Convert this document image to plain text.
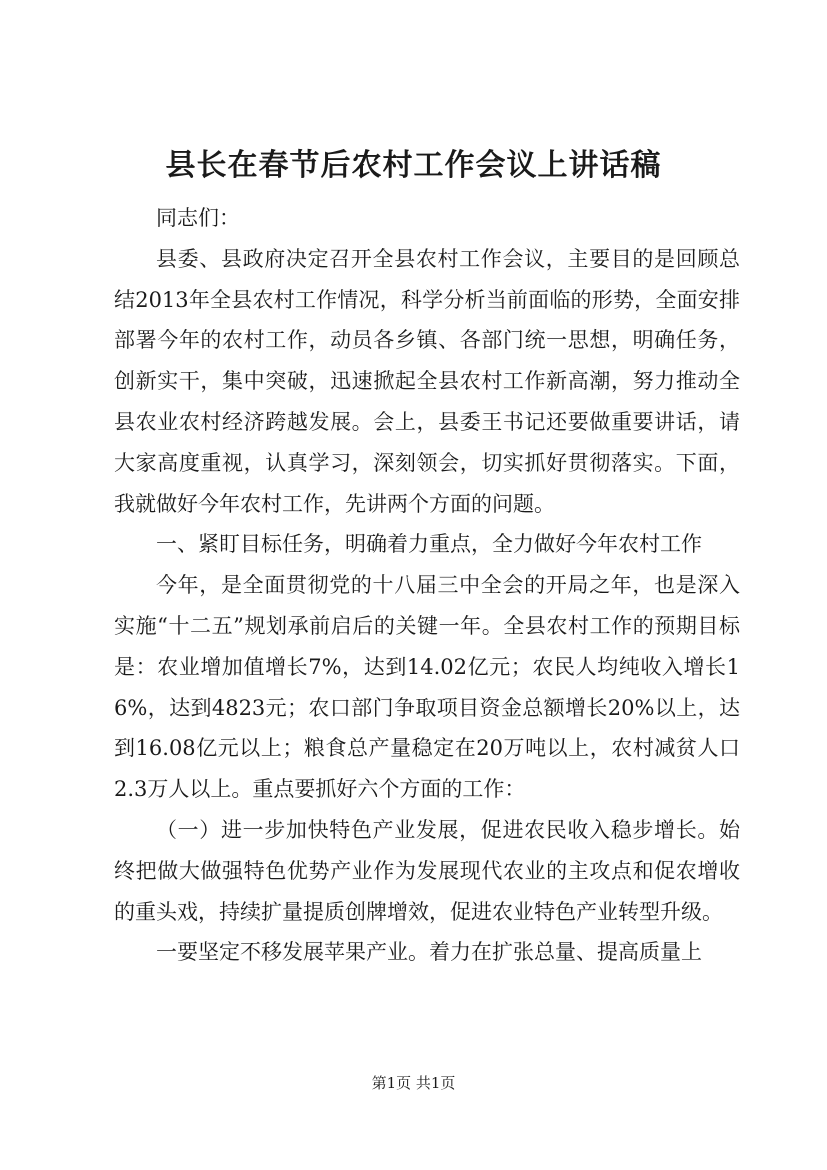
县长在春节后农村工作会议上讲话稿

同志们：

县委、县政府决定召开全县农村工作会议，主要目的是回顾总结2013年全县农村工作情况，科学分析当前面临的形势，全面安排部署今年的农村工作，动员各乡镇、各部门统一思想，明确任务，创新实干，集中突破，迅速掀起全县农村工作新高潮，努力推动全县农业农村经济跨越发展。会上，县委王书记还要做重要讲话，请大家高度重视，认真学习，深刻领会，切实抓好贯彻落实。下面，我就做好今年农村工作，先讲两个方面的问题。

一、紧盯目标任务，明确着力重点，全力做好今年农村工作

今年，是全面贯彻党的十八届三中全会的开局之年，也是深入实施“十二五”规划承前启后的关键一年。全县农村工作的预期目标是：农业增加值增长7%，达到14.02亿元；农民人均纯收入增长16%，达到4823元；农口部门争取项目资金总额增长20%以上，达到16.08亿元以上；粮食总产量稳定在20万吨以上，农村减贫人口2.3万人以上。重点要抓好六个方面的工作：

（一）进一步加快特色产业发展，促进农民收入稳步增长。始终把做大做强特色优势产业作为发展现代农业的主攻点和促农增收的重头戏，持续扩量提质创牌增效，促进农业特色产业转型升级。

一要坚定不移发展苹果产业。着力在扩张总量、提高质量上

第1页 共1页
